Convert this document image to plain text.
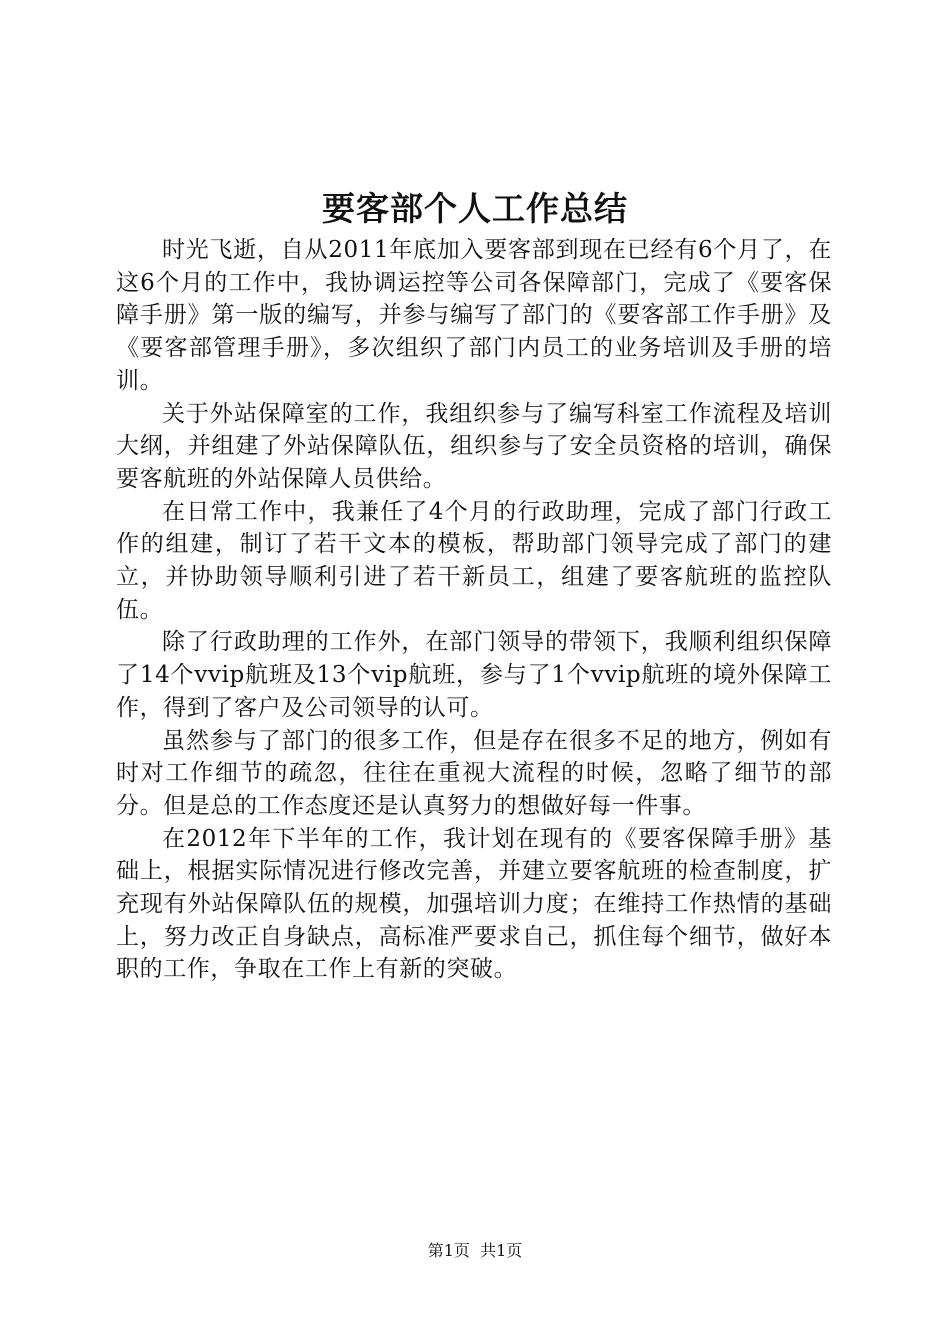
要客部个人工作总结

时光飞逝，自从2011年底加入要客部到现在已经有6个月了，在这6个月的工作中，我协调运控等公司各保障部门，完成了《要客保障手册》第一版的编写，并参与编写了部门的《要客部工作手册》及《要客部管理手册》，多次组织了部门内员工的业务培训及手册的培训。

关于外站保障室的工作，我组织参与了编写科室工作流程及培训大纲，并组建了外站保障队伍，组织参与了安全员资格的培训，确保要客航班的外站保障人员供给。

在日常工作中，我兼任了4个月的行政助理，完成了部门行政工作的组建，制订了若干文本的模板，帮助部门领导完成了部门的建立，并协助领导顺利引进了若干新员工，组建了要客航班的监控队伍。

除了行政助理的工作外，在部门领导的带领下，我顺利组织保障了14个vvip航班及13个vip航班，参与了1个vvip航班的境外保障工作，得到了客户及公司领导的认可。

虽然参与了部门的很多工作，但是存在很多不足的地方，例如有时对工作细节的疏忽，往往在重视大流程的时候，忽略了细节的部分。但是总的工作态度还是认真努力的想做好每一件事。

在2012年下半年的工作，我计划在现有的《要客保障手册》基础上，根据实际情况进行修改完善，并建立要客航班的检查制度，扩充现有外站保障队伍的规模，加强培训力度；在维持工作热情的基础上，努力改正自身缺点，高标准严要求自己，抓住每个细节，做好本职的工作，争取在工作上有新的突破。

第1页  共1页
